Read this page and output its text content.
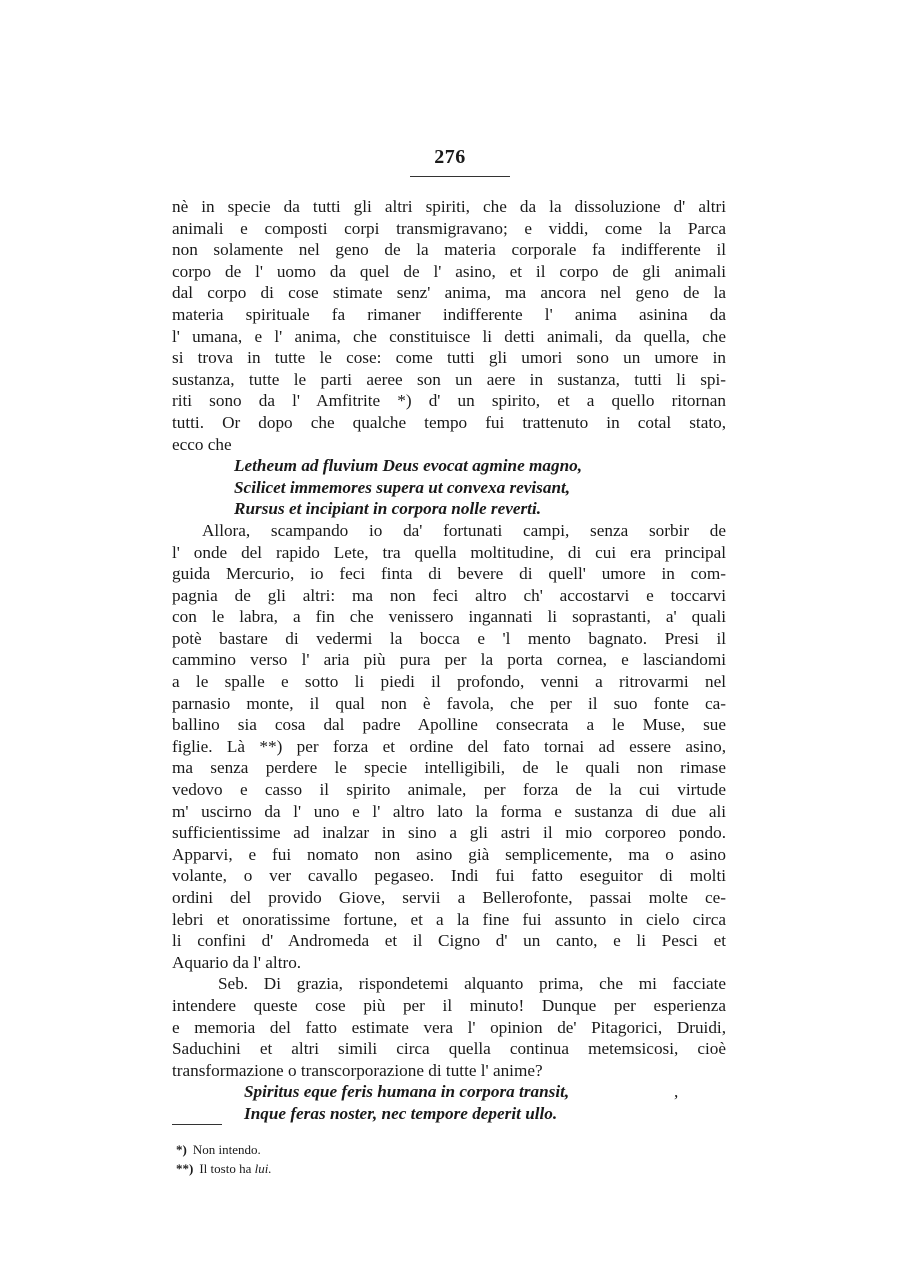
276
nè in specie da tutti gli altri spiriti, che da la dissoluzione d' altri
animali e composti corpi transmigravano; e viddi, come la Parca
non solamente nel geno de la materia corporale fa indifferente il
corpo de l' uomo da quel de l' asino, et il corpo de gli animali
dal corpo di cose stimate senz' anima, ma ancora nel geno de la
materia spirituale fa rimaner indifferente l' anima asinina da
l' umana, e l' anima, che constituisce li detti animali, da quella, che
si trova in tutte le cose: come tutti gli umori sono un umore in
sustanza, tutte le parti aeree son un aere in sustanza, tutti li spi-
riti sono da l' Amfitrite *) d' un spirito, et a quello ritornan
tutti. Or dopo che qualche tempo fui trattenuto in cotal stato,
ecco che
Letheum ad fluvium Deus evocat agmine magno,
Scilicet immemores supera ut convexa revisant,
Rursus et incipiant in corpora nolle reverti.
Allora, scampando io da' fortunati campi, senza sorbir de
l' onde del rapido Lete, tra quella moltitudine, di cui era principal
guida Mercurio, io feci finta di bevere di quell' umore in com-
pagnia de gli altri: ma non feci altro ch' accostarvi e toccarvi
con le labra, a fin che venissero ingannati li soprastanti, a' quali
potè bastare di vedermi la bocca e 'l mento bagnato. Presi il
cammino verso l' aria più pura per la porta cornea, e lasciandomi
a le spalle e sotto li piedi il profondo, venni a ritrovarmi nel
parnasio monte, il qual non è favola, che per il suo fonte ca-
ballino sia cosa dal padre Apolline consecrata a le Muse, sue
figlie. Là **) per forza et ordine del fato tornai ad essere asino,
ma senza perdere le specie intelligibili, de le quali non rimase
vedovo e casso il spirito animale, per forza de la cui virtude
m' uscirno da l' uno e l' altro lato la forma e sustanza di due ali
sufficientissime ad inalzar in sino a gli astri il mio corporeo pondo.
Apparvi, e fui nomato non asino già semplicemente, ma o asino
volante, o ver cavallo pegaseo. Indi fui fatto eseguitor di molti
ordini del provido Giove, servii a Bellerofonte, passai molte ce-
lebri et onoratissime fortune, et a la fine fui assunto in cielo circa
li confini d' Andromeda et il Cigno d' un canto, e li Pesci et
Aquario da l' altro.
Seb. Di grazia, rispondetemi alquanto prima, che mi facciate
intendere queste cose più per il minuto! Dunque per esperienza
e memoria del fatto estimate vera l' opinion de' Pitagorici, Druidi,
Saduchini et altri simili circa quella continua metemsicosi, cioè
transformazione o transcorporazione di tutte l' anime?
Spiritus eque feris humana in corpora transit,	,
Inque feras noster, nec tempore deperit ullo.
*) Non intendo.
**) Il tosto ha lui.
